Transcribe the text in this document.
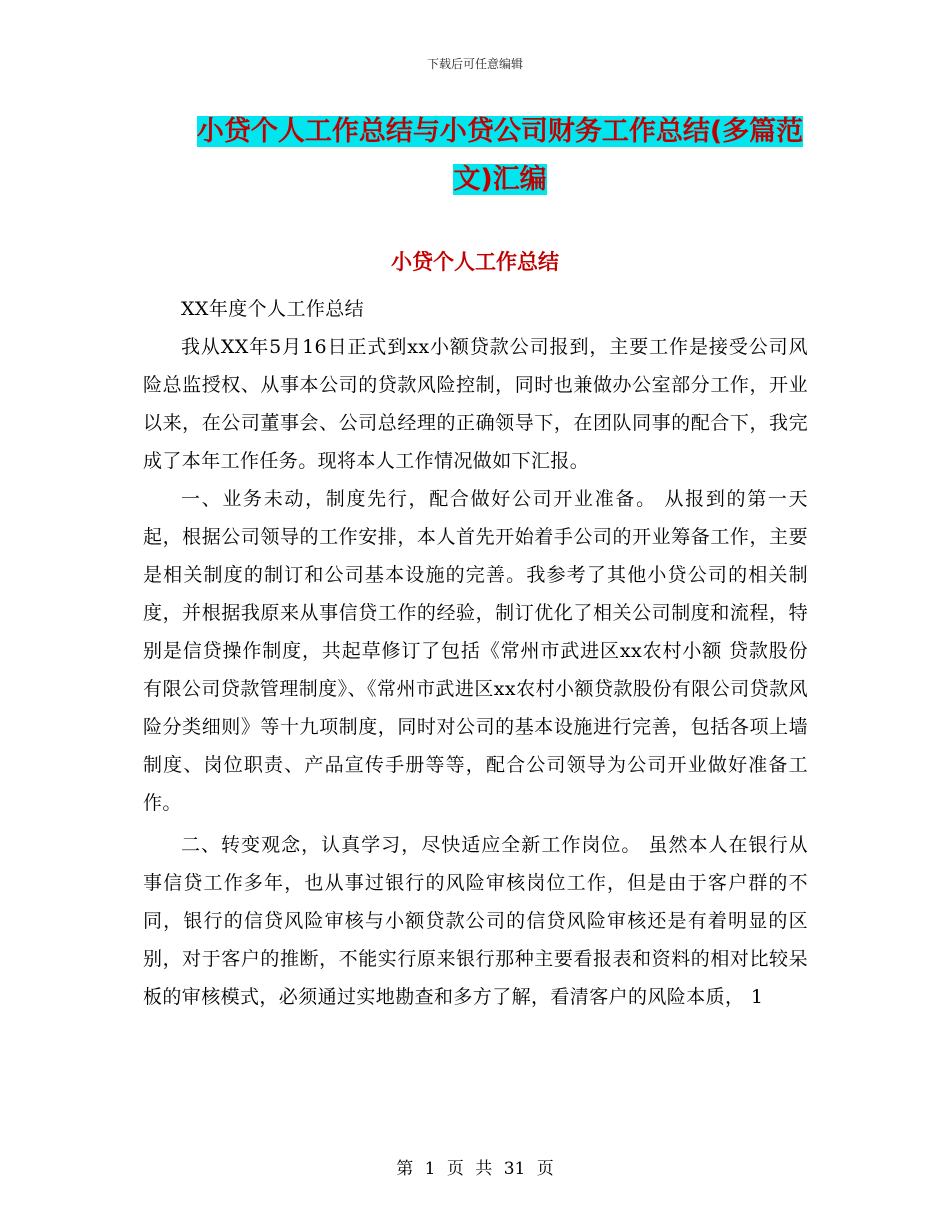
下载后可任意编辑
小贷个人工作总结与小贷公司财务工作总结(多篇范文)汇编
小贷个人工作总结

XX年度个人工作总结

我从XX年5月16日正式到xx小额贷款公司报到，主要工作是接受公司风险总监授权、从事本公司的贷款风险控制，同时也兼做办公室部分工作，开业以来，在公司董事会、公司总经理的正确领导下，在团队同事的配合下，我完成了本年工作任务。现将本人工作情况做如下汇报。

一、业务未动，制度先行，配合做好公司开业准备。 从报到的第一天起，根据公司领导的工作安排，本人首先开始着手公司的开业筹备工作，主要是相关制度的制订和公司基本设施的完善。我参考了其他小贷公司的相关制度，并根据我原来从事信贷工作的经验，制订优化了相关公司制度和流程，特别是信贷操作制度，共起草修订了包括《常州市武进区xx农村小额 贷款股份有限公司贷款管理制度》、《常州市武进区xx农村小额贷款股份有限公司贷款风险分类细则》等十九项制度，同时对公司的基本设施进行完善，包括各项上墙制度、岗位职责、产品宣传手册等等，配合公司领导为公司开业做好准备工作。

二、转变观念，认真学习，尽快适应全新工作岗位。 虽然本人在银行从事信贷工作多年，也从事过银行的风险审核岗位工作，但是由于客户群的不同，银行的信贷风险审核与小额贷款公司的信贷风险审核还是有着明显的区别，对于客户的推断，不能实行原来银行那种主要看报表和资料的相对比较呆板的审核模式，必须通过实地勘查和多方了解，看清客户的风险本质， 1

第 1 页 共 31 页
